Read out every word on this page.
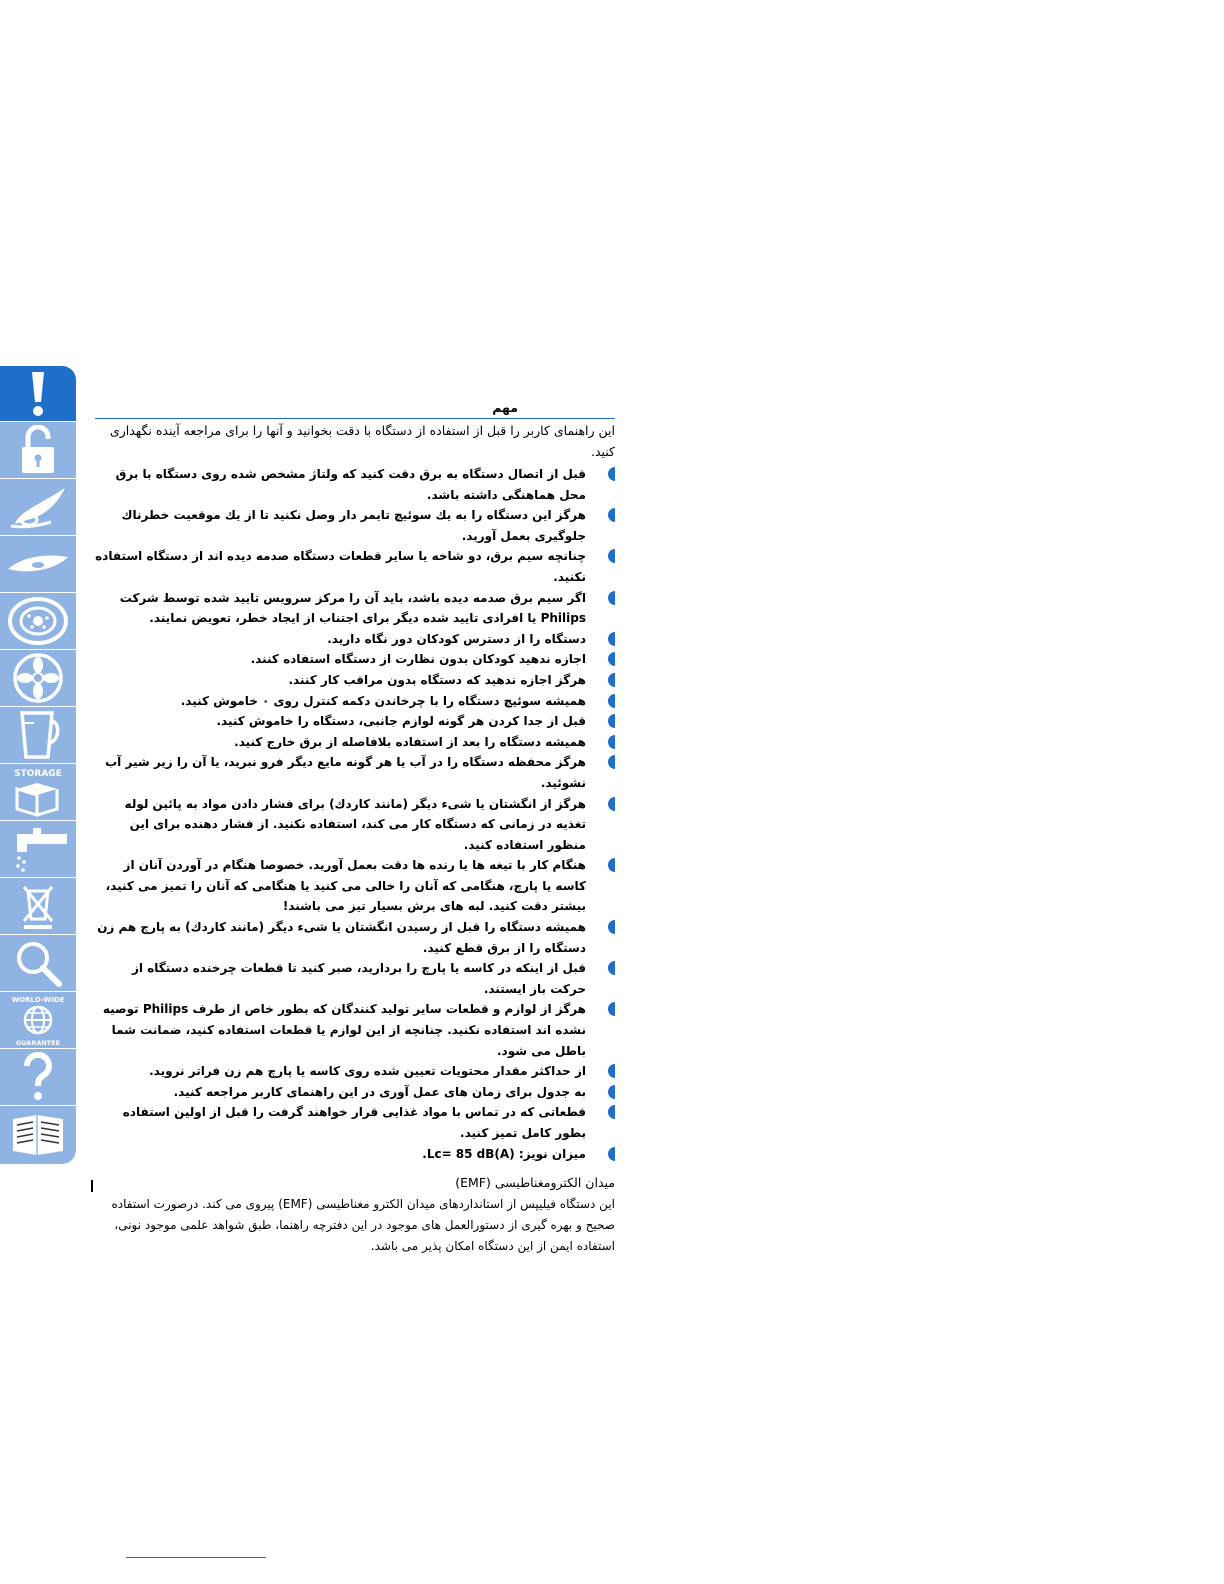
STORAGE
WORLD-WIDE
GUARANTEE
مهم

این راهنمای کاربر را قبل از استفاده از دستگاه با دقت بخوانید و آنها را برای مراجعه آینده نگهداری کنید.

قبل از اتصال دستگاه به برق دقت کنید که ولتاژ مشخص شده روی دستگاه با برق محل هماهنگی داشته باشد.
هرگز این دستگاه را به یك سوئیچ تایمر دار وصل نكنید تا از یك موقعیت خطرناك جلوگیری بعمل آورید.
چنانچه سیم برق، دو شاخه یا سایر قطعات دستگاه صدمه دیده اند از دستگاه استفاده نکنید.
اگر سیم برق صدمه دیده باشد، باید آن را مرکز سرویس تایید شده توسط شرکت Philips یا افرادی تایید شده دیگر برای اجتناب از ایجاد خطر، تعویض نمایند.
دستگاه را از دسترس کودکان دور نگاه دارید.
اجازه ندهید کودکان بدون نظارت از دستگاه استفاده کنند.
هرگز اجازه ندهید که دستگاه بدون مراقب کار کنند.
همیشه سوئیچ دستگاه را با چرخاندن دکمه کنترل روی ۰ خاموش کنید.
قبل از جدا کردن هر گونه لوازم جانبی، دستگاه را خاموش کنید.
همیشه دستگاه را بعد از استفاده بلافاصله از برق خارج کنید.
هرگز محفظه دستگاه را در آب یا هر گونه مایع دیگر فرو نبرید، یا آن را زیر شیر آب نشوئید.
هرگز از انگشتان یا شیء دیگر (مانند کاردك) برای فشار دادن مواد به پائین لوله تغذیه در زمانی که دستگاه کار می کند، استفاده نکنید. از فشار دهنده برای این منظور استفاده کنید.
هنگام کار با تیغه ها یا رنده ها دقت بعمل آورید. خصوصا هنگام در آوردن آنان از کاسه یا پارچ، هنگامی که آنان را خالی می کنید یا هنگامی که آنان را تمیز می کنید، بیشتر دقت کنید. لبه های برش بسیار تیز می باشند!
همیشه دستگاه را قبل از رسیدن انگشتان یا شیء دیگر (مانند کاردك) به پارچ هم زن دستگاه را از برق قطع کنید.
قبل از اینکه در کاسه یا پارچ را بردارید، صبر کنید تا قطعات چرخنده دستگاه از حرکت باز ایستند.
هرگز از لوازم و قطعات سایر تولید کنندگان که بطور خاص از طرف Philips توصیه نشده اند استفاده نکنید. چنانچه از این لوازم یا قطعات استفاده کنید، ضمانت شما باطل می شود.
از حداکثر مقدار محتویات تعیین شده روی کاسه یا پارچ هم زن فراتر نروید.
به جدول برای زمان های عمل آوری در این راهنمای کاربر مراجعه کنید.
قطعاتی که در تماس با مواد غذایی قرار خواهند گرفت را قبل از اولین استفاده بطور کامل تمیز کنید.
میزان نویز: Lc= 85 dB(A).
میدان الکترومغناطیسی (EMF)
این دستگاه فیلیپس از استانداردهای میدان الکترو مغناطیسی (EMF) پیروی می کند. درصورت استفاده صحیح و بهره گیری از دستورالعمل های موجود در این دفترچه راهنما، طبق شواهد علمی موجود نونی، استفاده ایمن از این دستگاه امکان پذیر می باشد.
